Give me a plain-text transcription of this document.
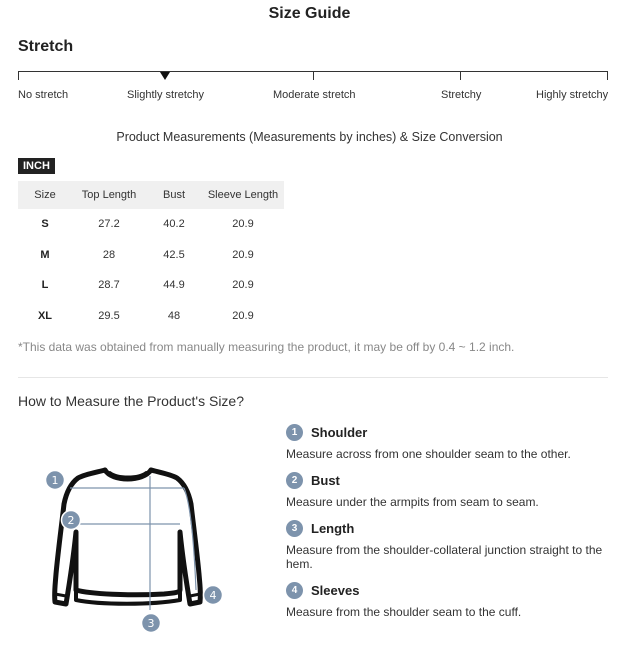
Size Guide
Stretch
No stretch	Slightly stretchy	Moderate stretch	Stretchy	Highly stretchy
Product Measurements (Measurements by inches) & Size Conversion
INCH
Size	Top Length	Bust	Sleeve Length
S	27.2	40.2	20.9
M	28	42.5	20.9
L	28.7	44.9	20.9
XL	29.5	48	20.9
*This data was obtained from manually measuring the product, it may be off by 0.4 ~ 1.2 inch.
How to Measure the Product's Size?
1
2
3
4
1	Shoulder
Measure across from one shoulder seam to the other.
2	Bust
Measure under the armpits from seam to seam.
3	Length
Measure from the shoulder-collateral junction straight to the hem.
4	Sleeves
Measure from the shoulder seam to the cuff.
